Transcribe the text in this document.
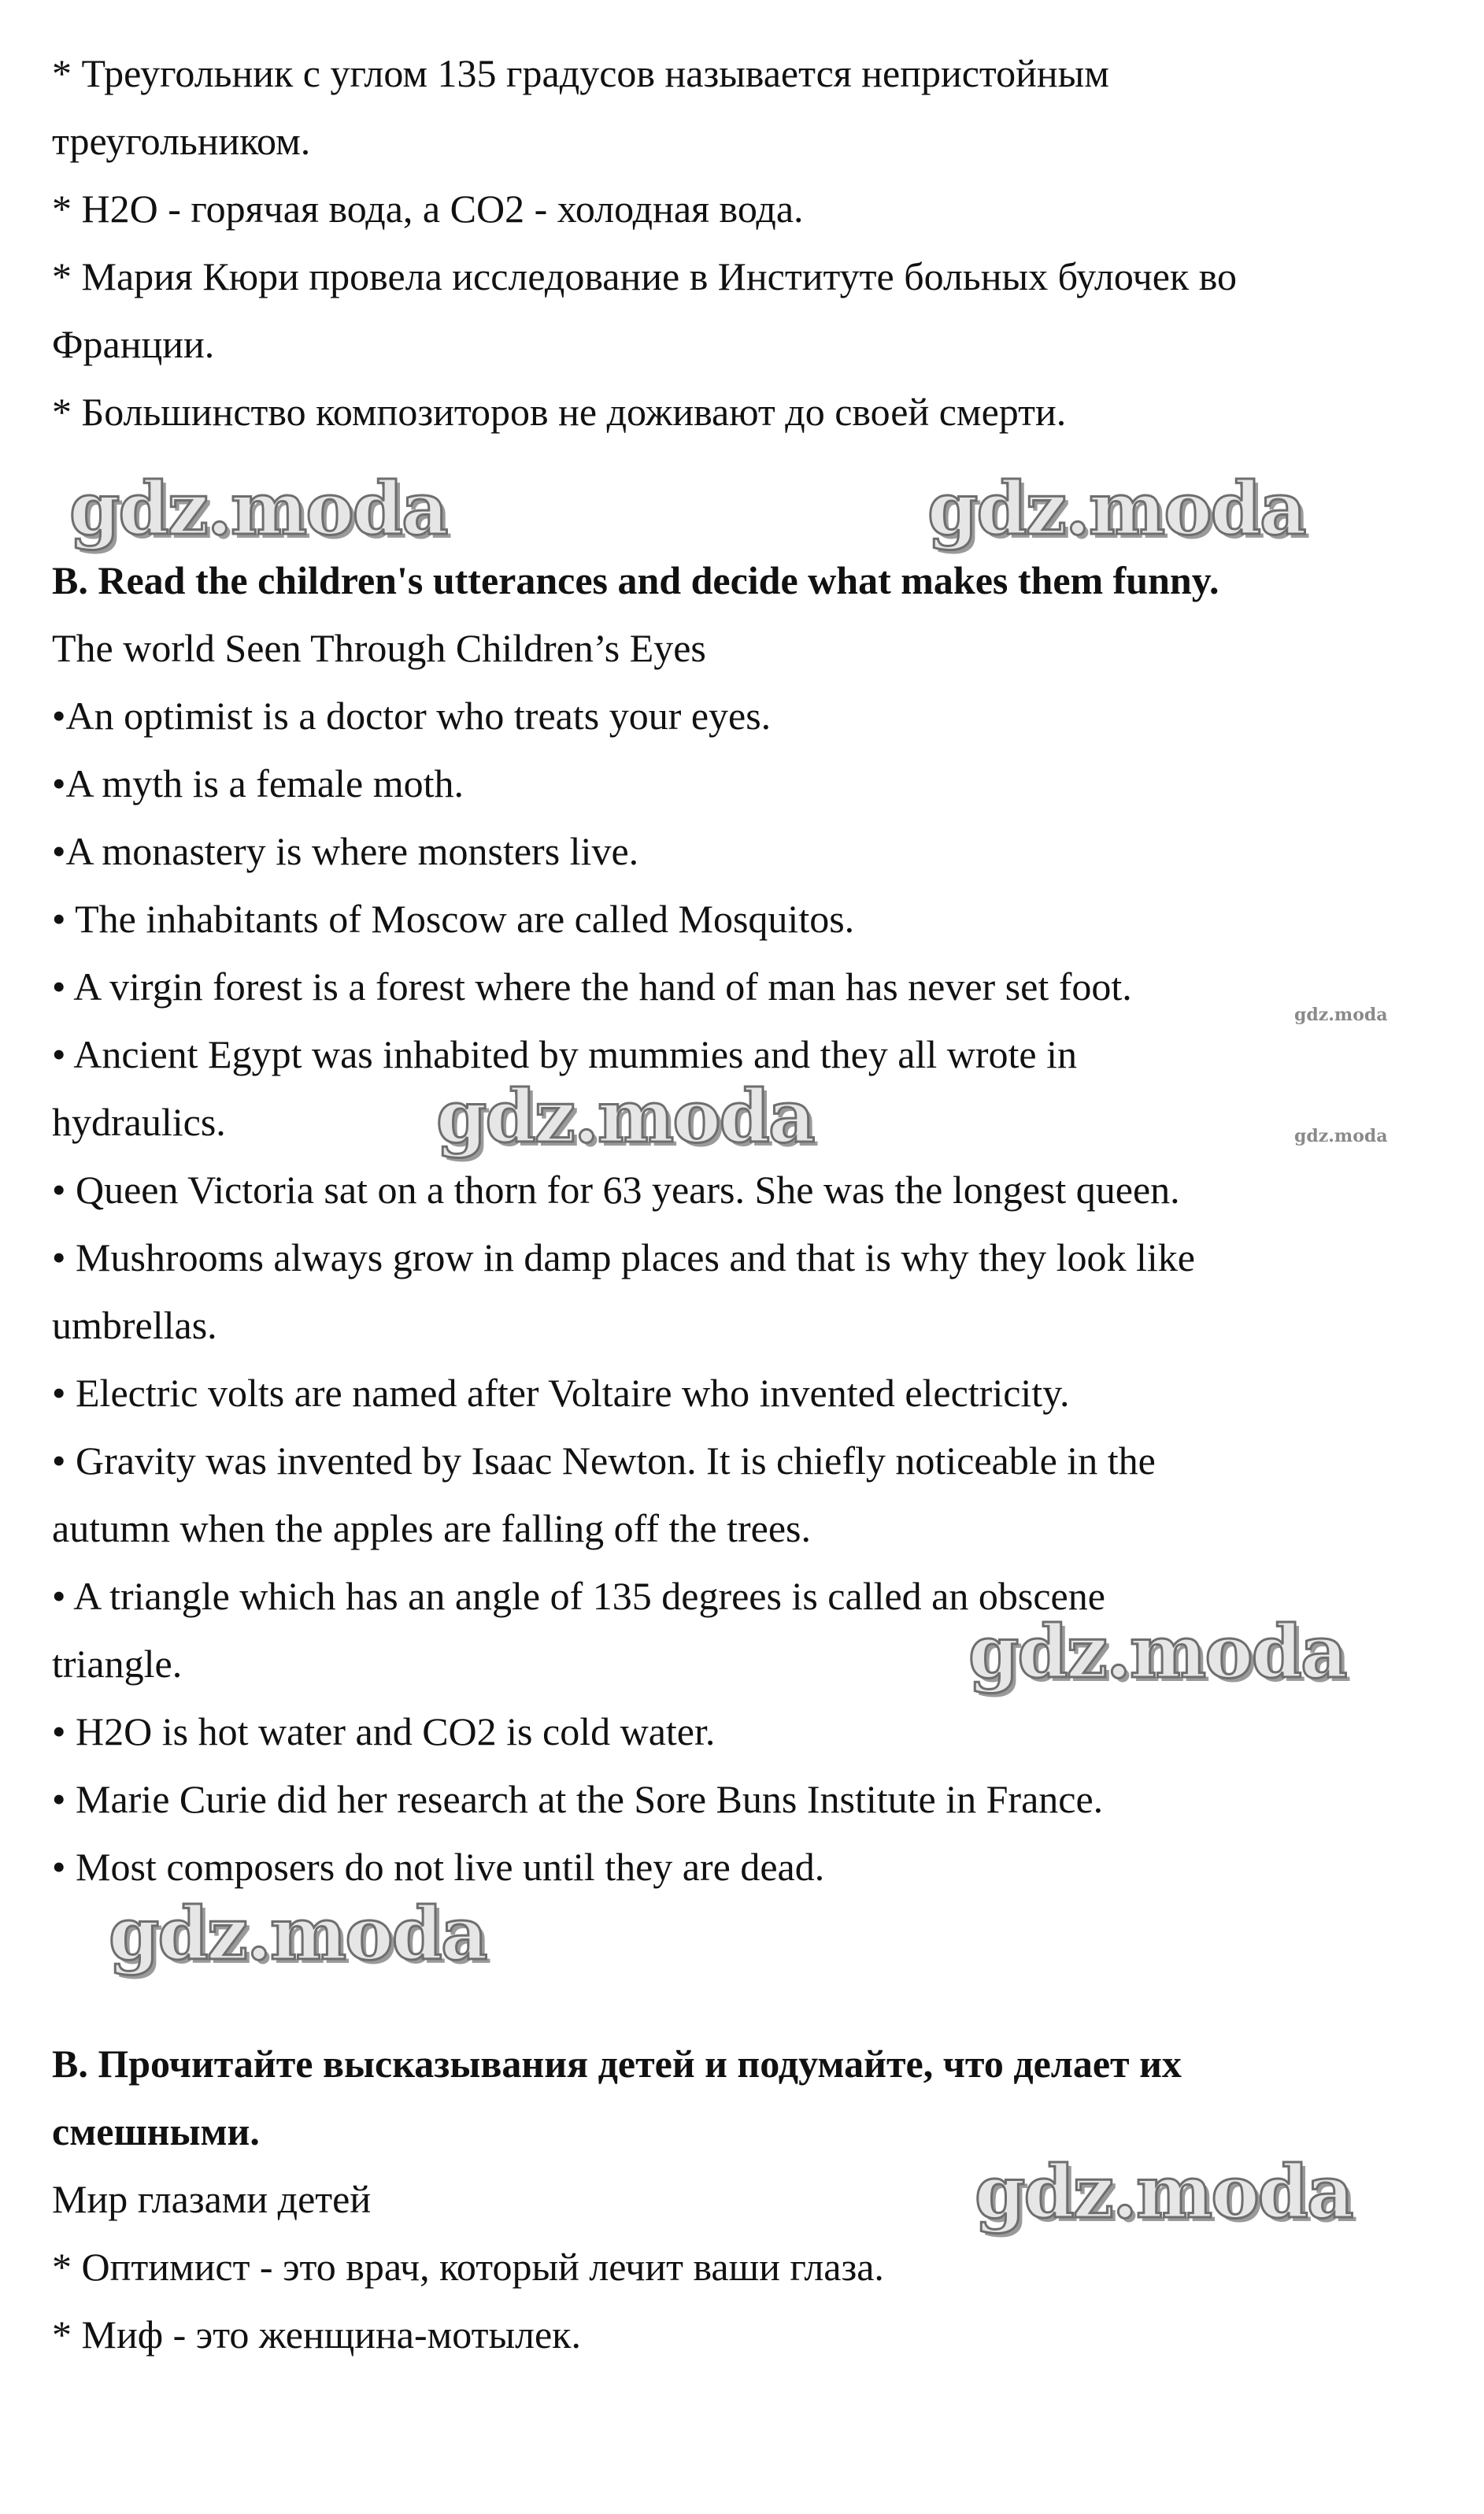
* Треугольник с углом 135 градусов называется непристойным
треугольником.
* H2O - горячая вода, а CO2 - холодная вода.
* Мария Кюри провела исследование в Институте больных булочек во
Франции.
* Большинство композиторов не доживают до своей смерти.
B. Read the children's utterances and decide what makes them funny.
The world Seen Through Children’s Eyes
•An optimist is a doctor who treats your eyes.
•A myth is a female moth.
•A monastery is where monsters live.
• The inhabitants of Moscow are called Mosquitos.
• A virgin forest is a forest where the hand of man has never set foot.
• Ancient Egypt was inhabited by mummies and they all wrote in
hydraulics.
• Queen Victoria sat on a thorn for 63 years. She was the longest queen.
• Mushrooms always grow in damp places and that is why they look like
umbrellas.
• Electric volts are named after Voltaire who invented electricity.
• Gravity was invented by Isaac Newton. It is chiefly noticeable in the
autumn when the apples are falling off the trees.
• A triangle which has an angle of 135 degrees is called an obscene
triangle.
• H2O is hot water and CO2 is cold water.
• Marie Curie did her research at the Sore Buns Institute in France.
• Most composers do not live until they are dead.
B. Прочитайте высказывания детей и подумайте, что делает их
смешными.
Мир глазами детей
* Оптимист - это врач, который лечит ваши глаза.
* Миф - это женщина-мотылек.
gdz.moda	gdz.moda
gdz.moda
gdz.moda
gdz.moda
gdz.moda
gdz.moda
gdz.moda
